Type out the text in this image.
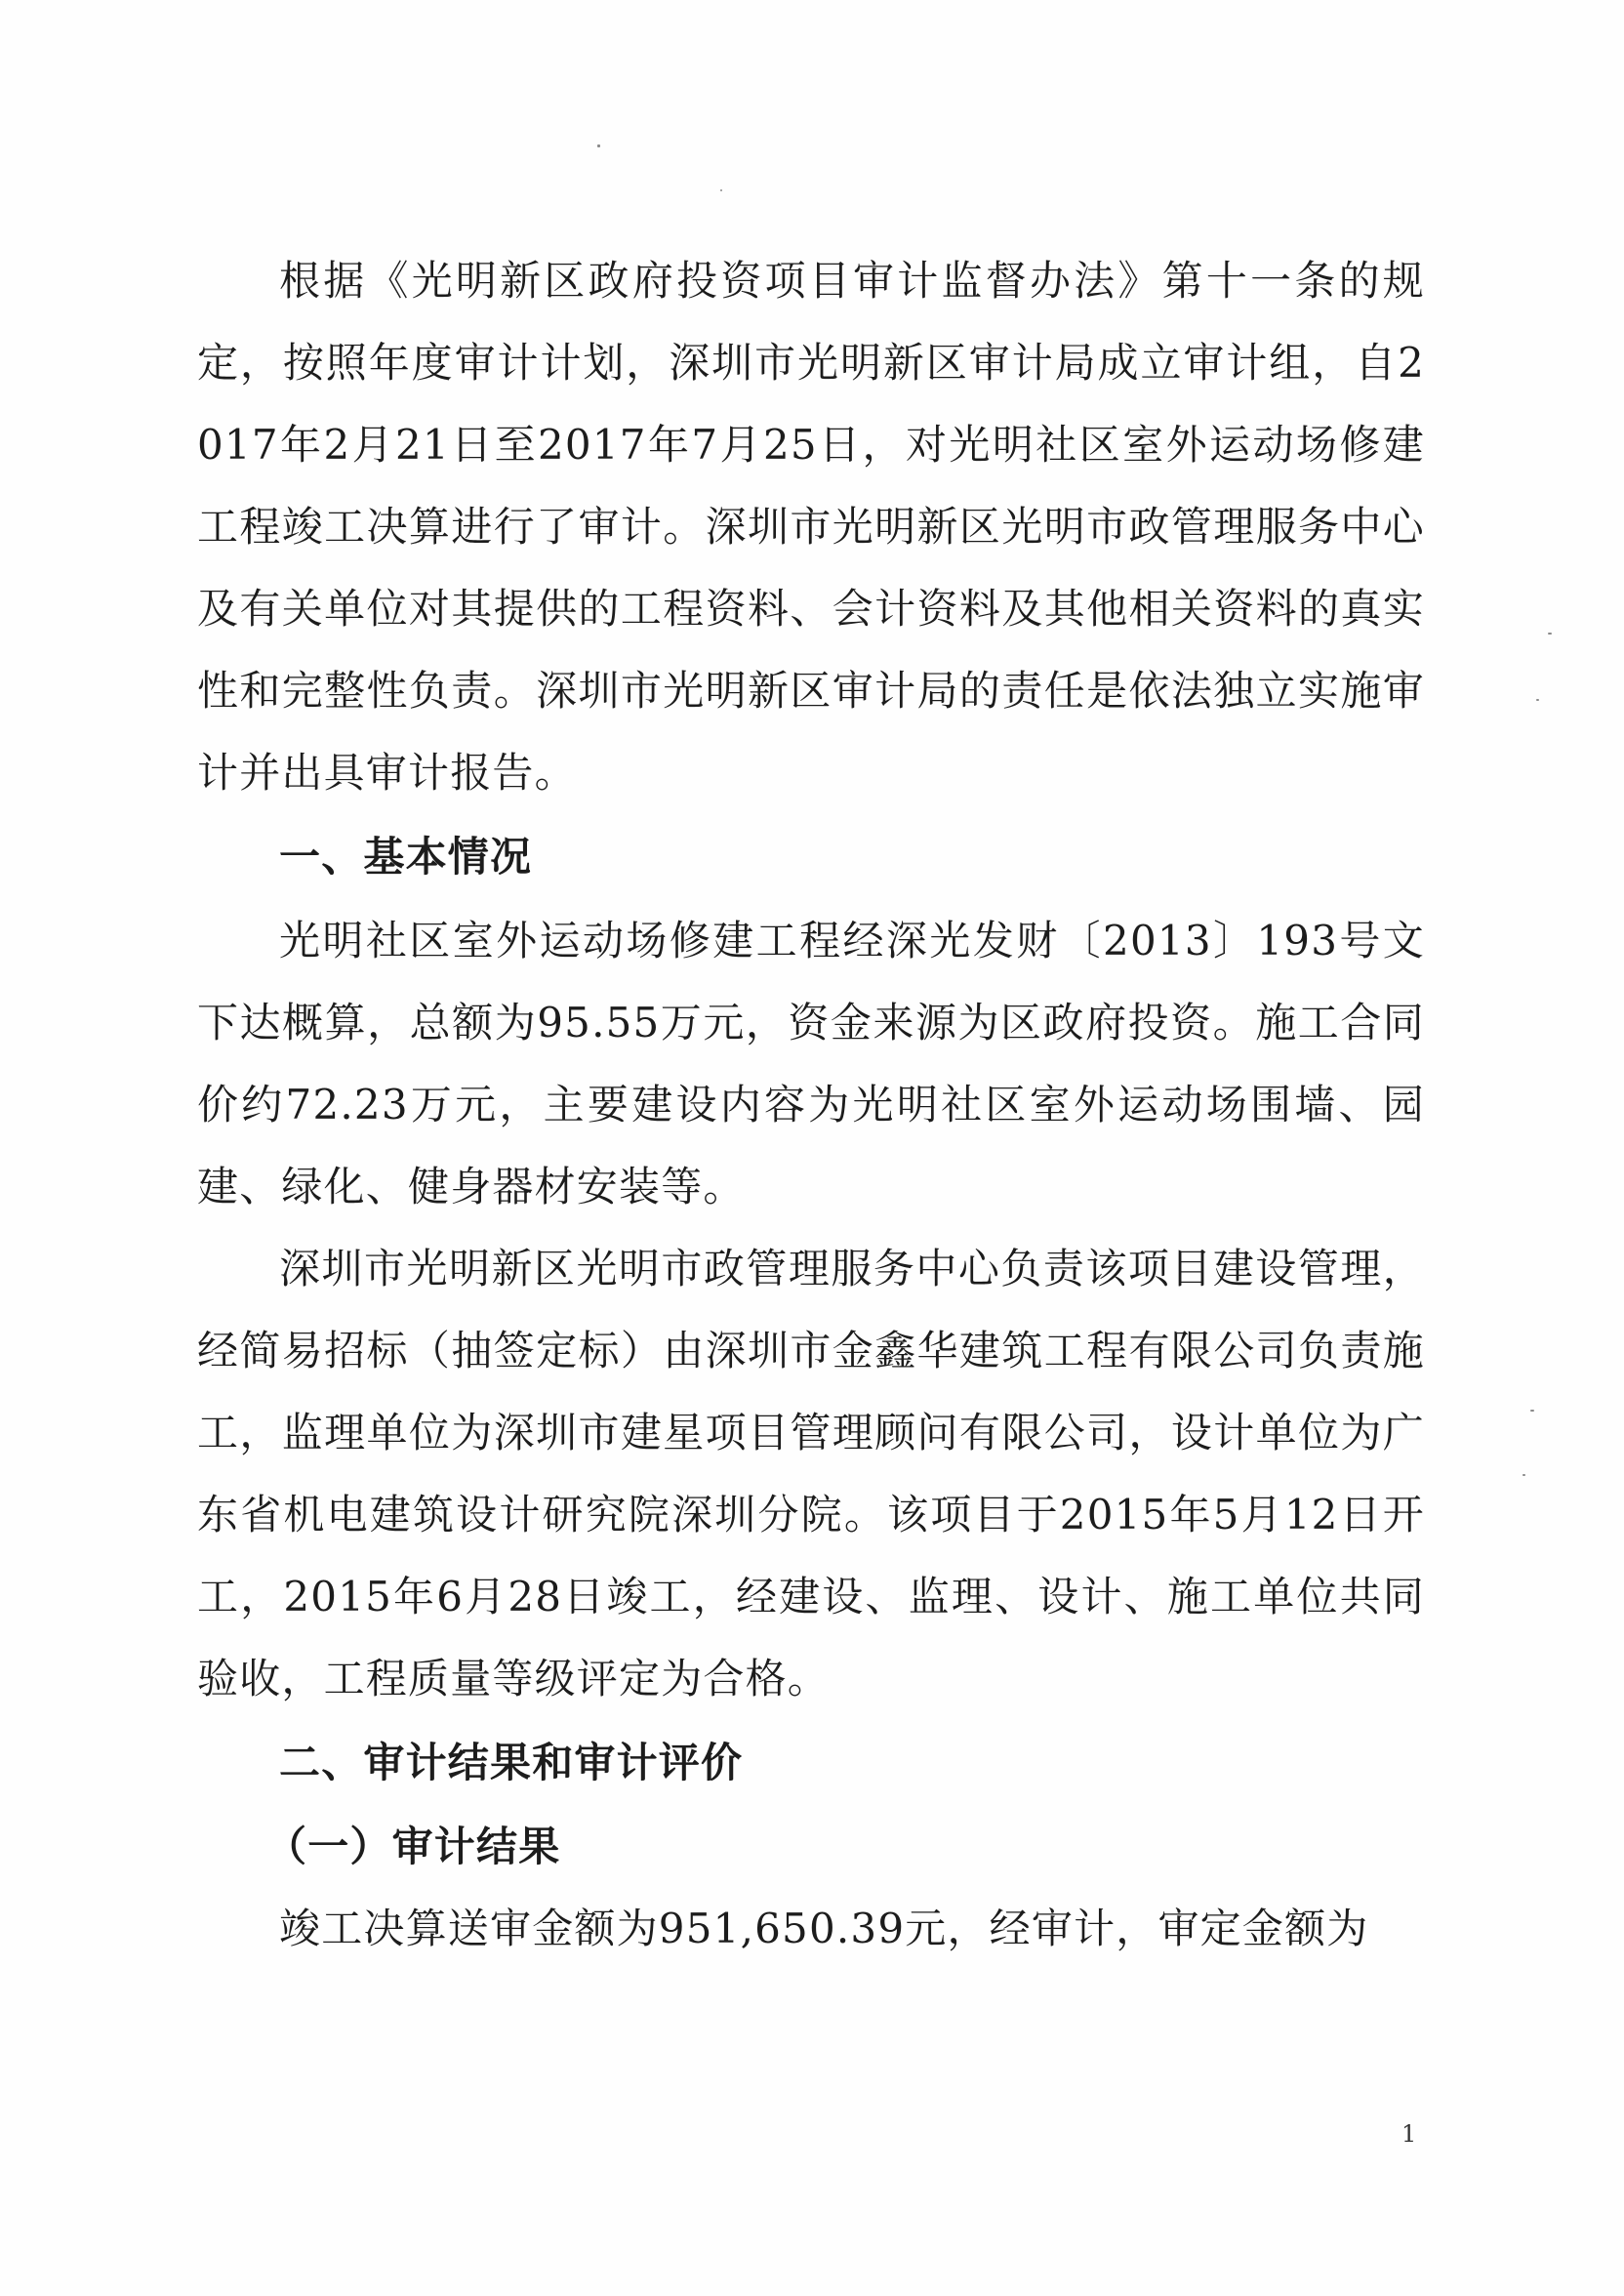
根据《光明新区政府投资项目审计监督办法》第十一条的规定，按照年度审计计划，深圳市光明新区审计局成立审计组，自2017年2月21日至2017年7月25日，对光明社区室外运动场修建工程竣工决算进行了审计。深圳市光明新区光明市政管理服务中心及有关单位对其提供的工程资料、会计资料及其他相关资料的真实性和完整性负责。深圳市光明新区审计局的责任是依法独立实施审计并出具审计报告。

一、基本情况

光明社区室外运动场修建工程经深光发财〔2013〕193号文下达概算，总额为95.55万元，资金来源为区政府投资。施工合同价约72.23万元，主要建设内容为光明社区室外运动场围墙、园建、绿化、健身器材安装等。

深圳市光明新区光明市政管理服务中心负责该项目建设管理，经简易招标（抽签定标）由深圳市金鑫华建筑工程有限公司负责施工，监理单位为深圳市建星项目管理顾问有限公司，设计单位为广东省机电建筑设计研究院深圳分院。该项目于2015年5月12日开工，2015年6月28日竣工，经建设、监理、设计、施工单位共同验收，工程质量等级评定为合格。

二、审计结果和审计评价

（一）审计结果

竣工决算送审金额为951,650.39元，经审计，审定金额为

1
